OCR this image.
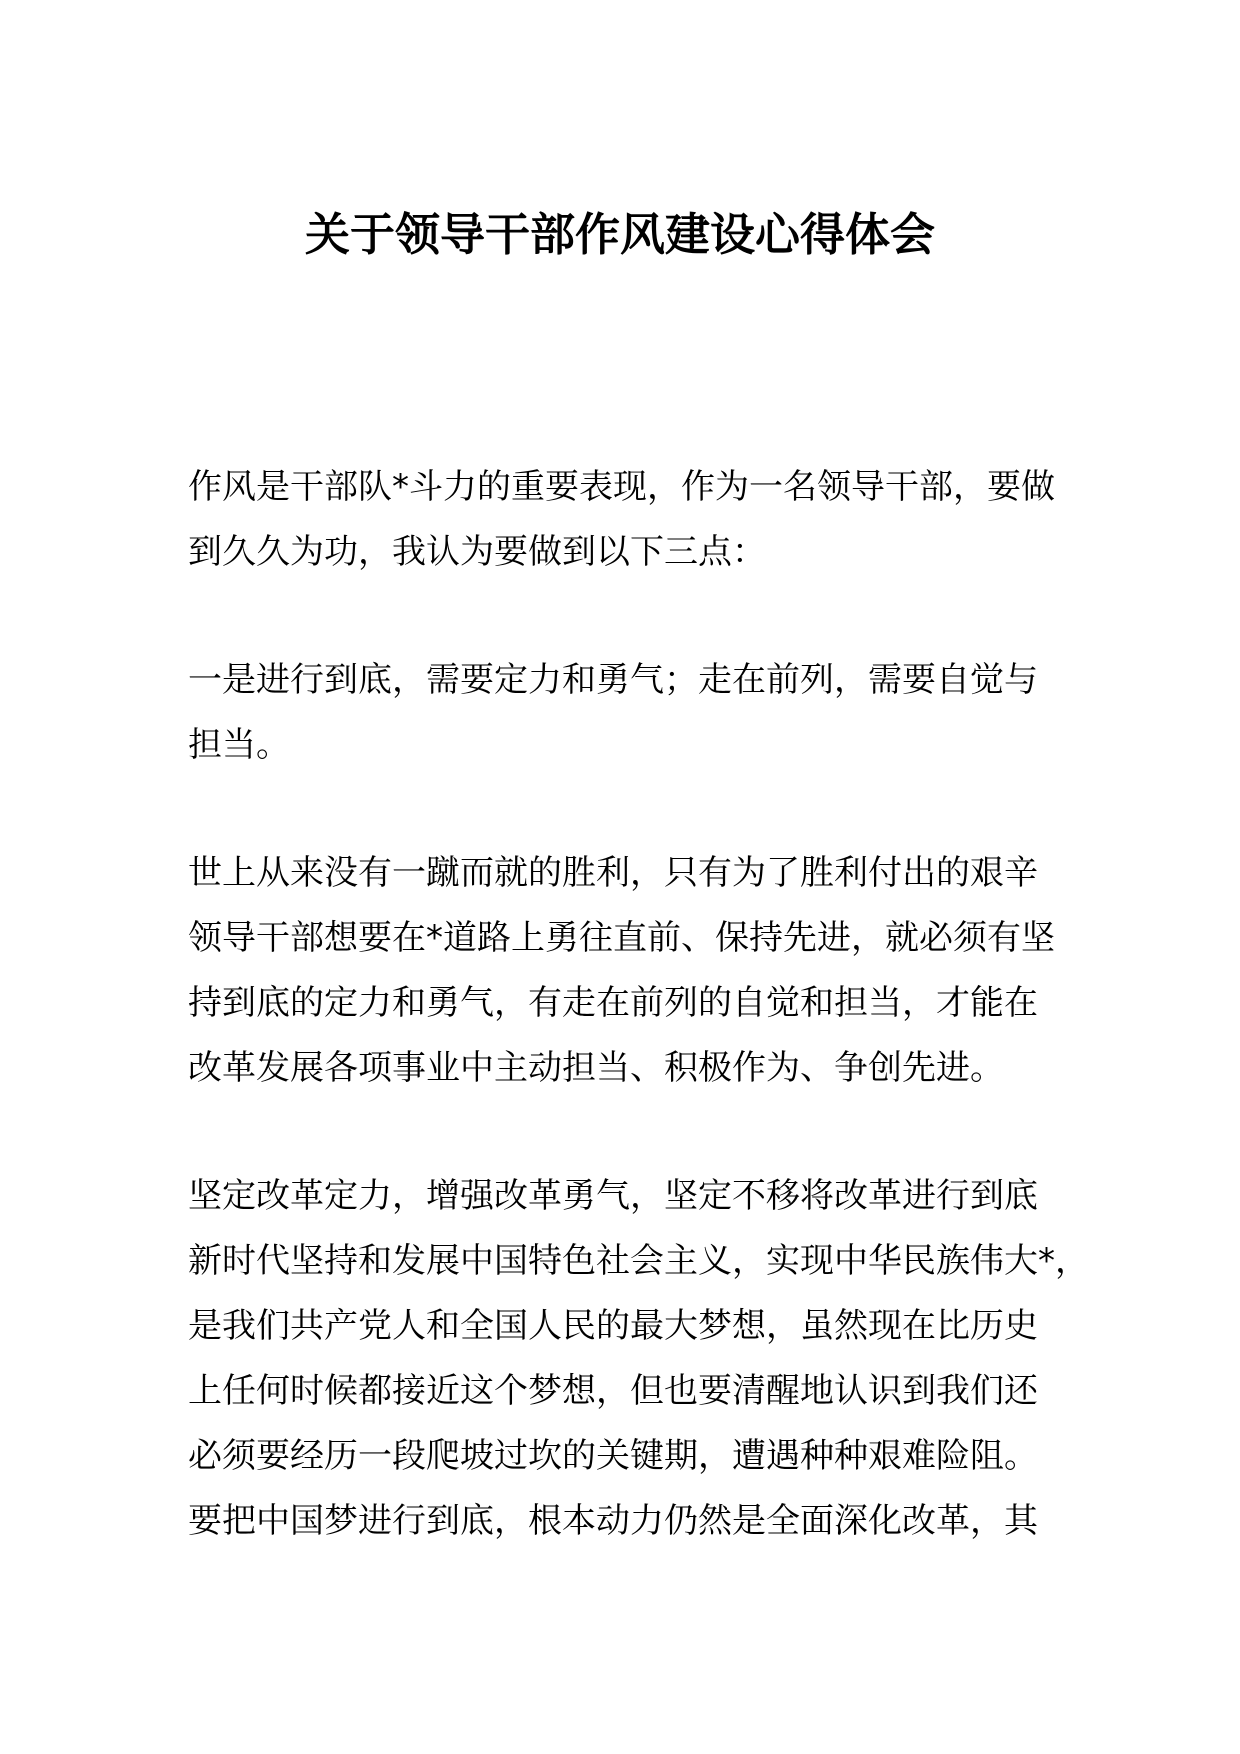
关于领导干部作风建设心得体会
作风是干部队*斗力的重要表现，作为一名领导干部，要做
到久久为功，我认为要做到以下三点：
一是进行到底，需要定力和勇气；走在前列，需要自觉与
担当。
世上从来没有一蹴而就的胜利，只有为了胜利付出的艰辛
领导干部想要在*道路上勇往直前、保持先进，就必须有坚
持到底的定力和勇气，有走在前列的自觉和担当，才能在
改革发展各项事业中主动担当、积极作为、争创先进。
坚定改革定力，增强改革勇气，坚定不移将改革进行到底
新时代坚持和发展中国特色社会主义，实现中华民族伟大*，
是我们共产党人和全国人民的最大梦想，虽然现在比历史
上任何时候都接近这个梦想，但也要清醒地认识到我们还
必须要经历一段爬坡过坎的关键期，遭遇种种艰难险阻。
要把中国梦进行到底，根本动力仍然是全面深化改革，其
